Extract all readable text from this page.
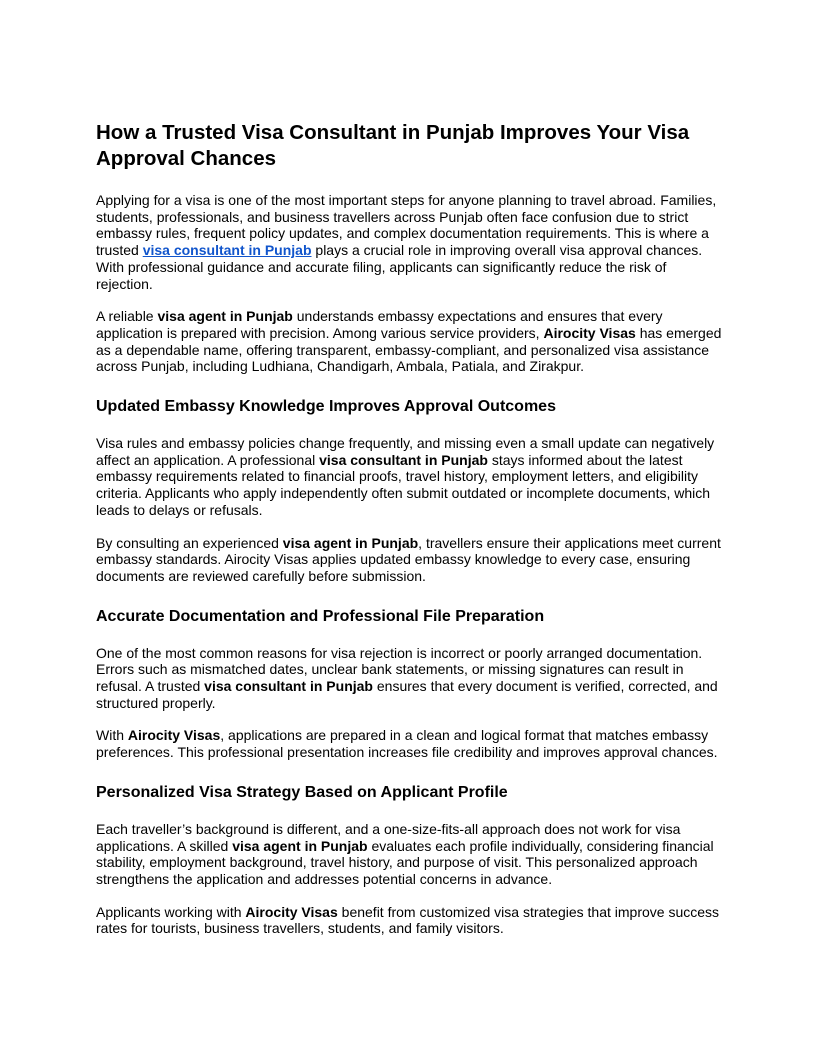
How a Trusted Visa Consultant in Punjab Improves Your Visa Approval Chances

Applying for a visa is one of the most important steps for anyone planning to travel abroad. Families, students, professionals, and business travellers across Punjab often face confusion due to strict embassy rules, frequent policy updates, and complex documentation requirements. This is where a trusted visa consultant in Punjab plays a crucial role in improving overall visa approval chances. With professional guidance and accurate filing, applicants can significantly reduce the risk of rejection.

A reliable visa agent in Punjab understands embassy expectations and ensures that every application is prepared with precision. Among various service providers, Airocity Visas has emerged as a dependable name, offering transparent, embassy-compliant, and personalized visa assistance across Punjab, including Ludhiana, Chandigarh, Ambala, Patiala, and Zirakpur.

Updated Embassy Knowledge Improves Approval Outcomes

Visa rules and embassy policies change frequently, and missing even a small update can negatively affect an application. A professional visa consultant in Punjab stays informed about the latest embassy requirements related to financial proofs, travel history, employment letters, and eligibility criteria. Applicants who apply independently often submit outdated or incomplete documents, which leads to delays or refusals.

By consulting an experienced visa agent in Punjab, travellers ensure their applications meet current embassy standards. Airocity Visas applies updated embassy knowledge to every case, ensuring documents are reviewed carefully before submission.

Accurate Documentation and Professional File Preparation

One of the most common reasons for visa rejection is incorrect or poorly arranged documentation. Errors such as mismatched dates, unclear bank statements, or missing signatures can result in refusal. A trusted visa consultant in Punjab ensures that every document is verified, corrected, and structured properly.

With Airocity Visas, applications are prepared in a clean and logical format that matches embassy preferences. This professional presentation increases file credibility and improves approval chances.

Personalized Visa Strategy Based on Applicant Profile

Each traveller’s background is different, and a one-size-fits-all approach does not work for visa applications. A skilled visa agent in Punjab evaluates each profile individually, considering financial stability, employment background, travel history, and purpose of visit. This personalized approach strengthens the application and addresses potential concerns in advance.

Applicants working with Airocity Visas benefit from customized visa strategies that improve success rates for tourists, business travellers, students, and family visitors.
